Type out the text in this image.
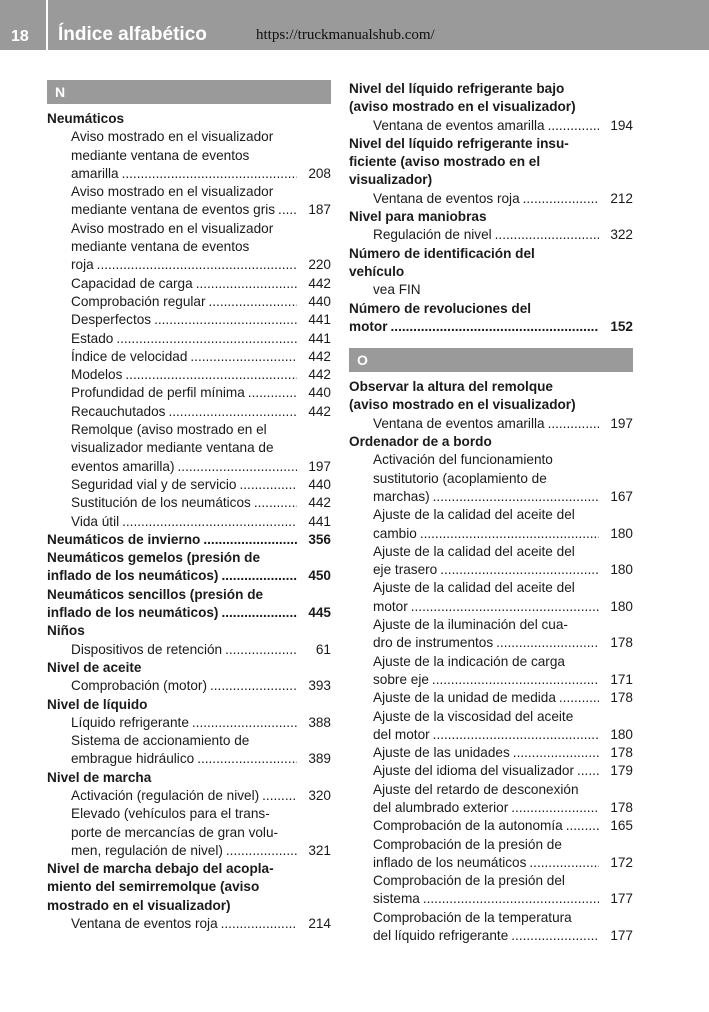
18	Índice alfabético	https://truckmanualshub.com/
N
Neumáticos
Aviso mostrado en el visualizador
mediante ventana de eventos
amarilla .....	208
Aviso mostrado en el visualizador
mediante ventana de eventos gris .....	187
Aviso mostrado en el visualizador
mediante ventana de eventos
roja .....	220
Capacidad de carga .....	442
Comprobación regular .....	440
Desperfectos .....	441
Estado .....	441
Índice de velocidad .....	442
Modelos .....	442
Profundidad de perfil mínima .....	440
Recauchutados .....	442
Remolque (aviso mostrado en el
visualizador mediante ventana de
eventos amarilla) .....	197
Seguridad vial y de servicio .....	440
Sustitución de los neumáticos .....	442
Vida útil .....	441
Neumáticos de invierno .....	356
Neumáticos gemelos (presión de
inflado de los neumáticos) .....	450
Neumáticos sencillos (presión de
inflado de los neumáticos) .....	445
Niños
Dispositivos de retención .....	61
Nivel de aceite
Comprobación (motor) .....	393
Nivel de líquido
Líquido refrigerante .....	388
Sistema de accionamiento de
embrague hidráulico .....	389
Nivel de marcha
Activación (regulación de nivel) .....	320
Elevado (vehículos para el trans-
porte de mercancías de gran volu-
men, regulación de nivel) .....	321
Nivel de marcha debajo del acopla-
miento del semirremolque (aviso
mostrado en el visualizador)
Ventana de eventos roja .....	214
Nivel del líquido refrigerante bajo
(aviso mostrado en el visualizador)
Ventana de eventos amarilla .....	194
Nivel del líquido refrigerante insu-
ficiente (aviso mostrado en el
visualizador)
Ventana de eventos roja .....	212
Nivel para maniobras
Regulación de nivel .....	322
Número de identificación del
vehículo
vea FIN
Número de revoluciones del
motor .....	152
O
Observar la altura del remolque
(aviso mostrado en el visualizador)
Ventana de eventos amarilla .....	197
Ordenador de a bordo
Activación del funcionamiento
sustitutorio (acoplamiento de
marchas) .....	167
Ajuste de la calidad del aceite del
cambio .....	180
Ajuste de la calidad del aceite del
eje trasero .....	180
Ajuste de la calidad del aceite del
motor .....	180
Ajuste de la iluminación del cua-
dro de instrumentos .....	178
Ajuste de la indicación de carga
sobre eje .....	171
Ajuste de la unidad de medida .....	178
Ajuste de la viscosidad del aceite
del motor .....	180
Ajuste de las unidades .....	178
Ajuste del idioma del visualizador .....	179
Ajuste del retardo de desconexión
del alumbrado exterior .....	178
Comprobación de la autonomía .....	165
Comprobación de la presión de
inflado de los neumáticos .....	172
Comprobación de la presión del
sistema .....	177
Comprobación de la temperatura
del líquido refrigerante .....	177
